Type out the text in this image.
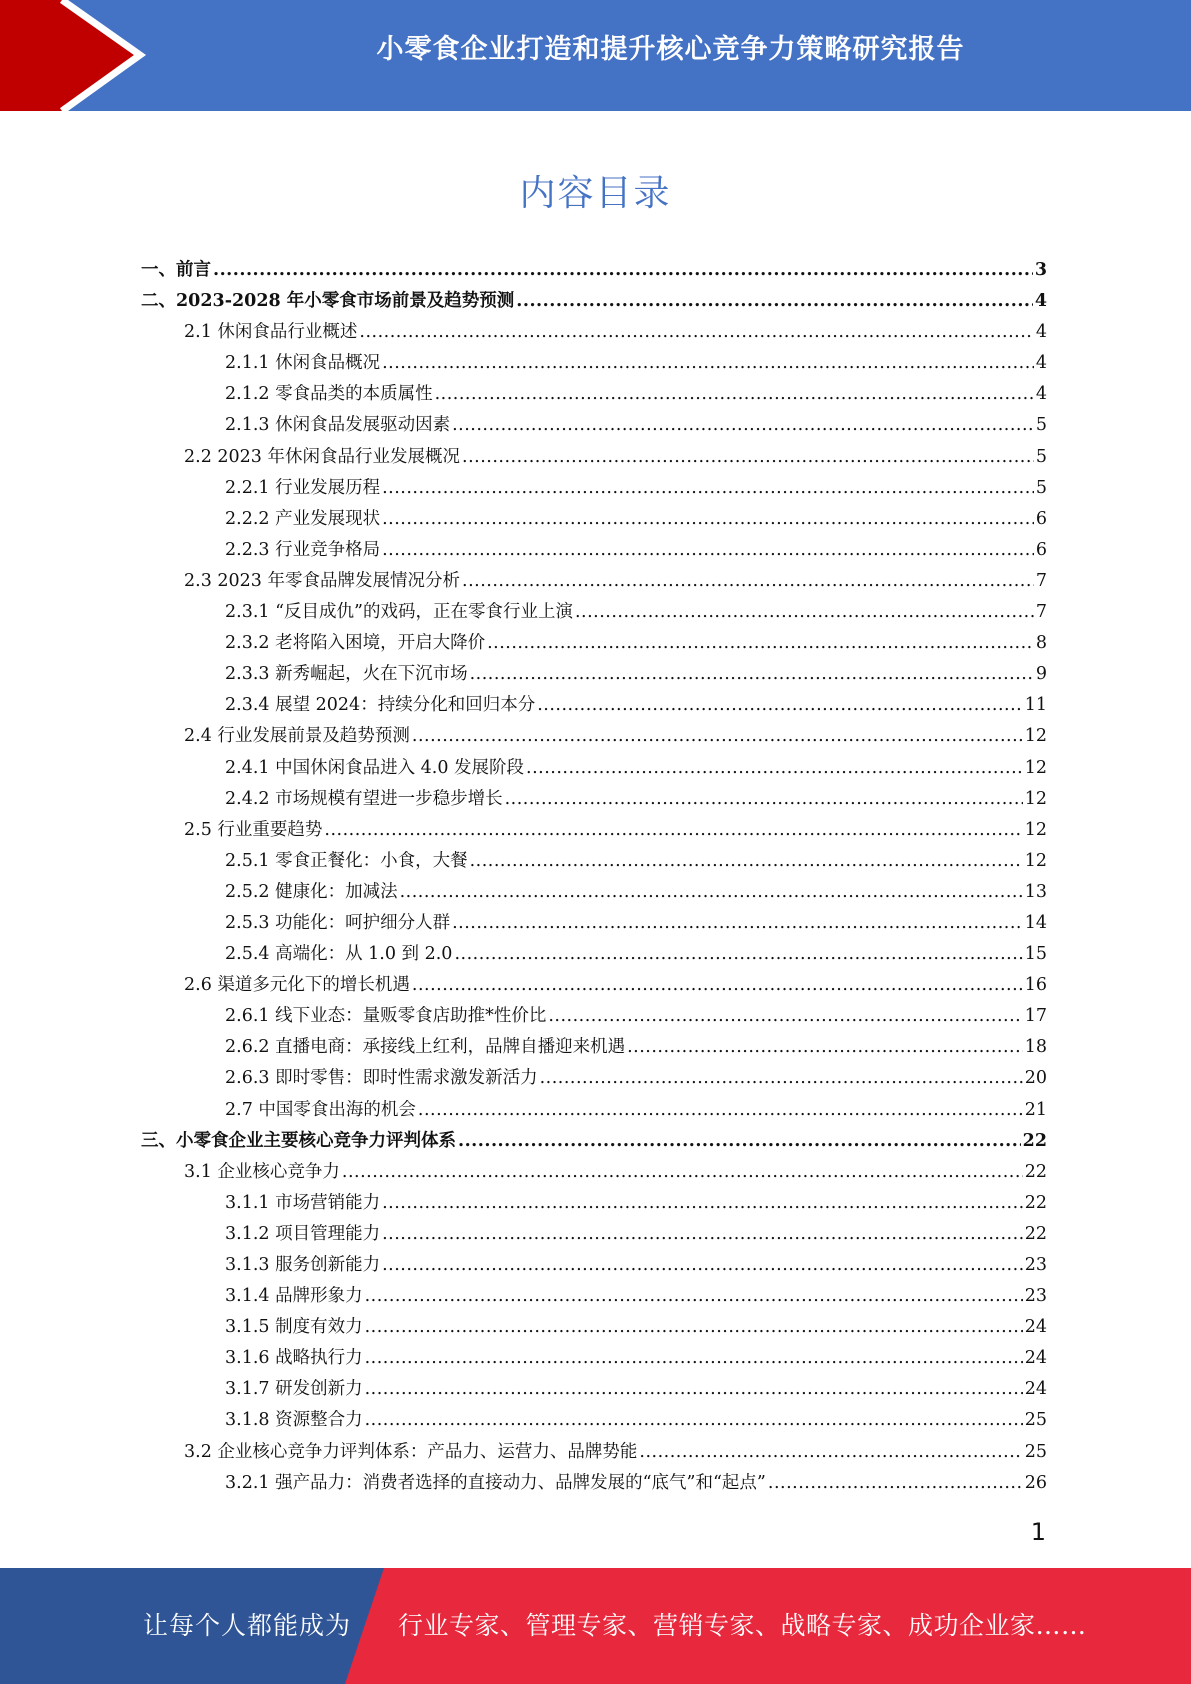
小零食企业打造和提升核心竞争力策略研究报告
内容目录
一、前言 .....	3
二、2023-2028 年小零食市场前景及趋势预测 .....	4
2.1 休闲食品行业概述 .....	4
2.1.1 休闲食品概况 .....	4
2.1.2 零食品类的本质属性 .....	4
2.1.3 休闲食品发展驱动因素 .....	5
2.2 2023 年休闲食品行业发展概况 .....	5
2.2.1 行业发展历程 .....	5
2.2.2 产业发展现状 .....	6
2.2.3 行业竞争格局 .....	6
2.3 2023 年零食品牌发展情况分析 .....	7
2.3.1 “反目成仇”的戏码，正在零食行业上演 .....	7
2.3.2 老将陷入困境，开启大降价 .....	8
2.3.3 新秀崛起，火在下沉市场 .....	9
2.3.4 展望 2024：持续分化和回归本分 .....	11
2.4 行业发展前景及趋势预测 .....	12
2.4.1 中国休闲食品进入 4.0 发展阶段 .....	12
2.4.2 市场规模有望进一步稳步增长 .....	12
2.5 行业重要趋势 .....	12
2.5.1 零食正餐化：小食，大餐 .....	12
2.5.2 健康化：加减法 .....	13
2.5.3 功能化：呵护细分人群 .....	14
2.5.4 高端化：从 1.0 到 2.0 .....	15
2.6 渠道多元化下的增长机遇 .....	16
2.6.1 线下业态：量贩零食店助推*性价比 .....	17
2.6.2 直播电商：承接线上红利，品牌自播迎来机遇 .....	18
2.6.3 即时零售：即时性需求激发新活力 .....	20
2.7 中国零食出海的机会 .....	21
三、小零食企业主要核心竞争力评判体系 .....	22
3.1 企业核心竞争力 .....	22
3.1.1 市场营销能力 .....	22
3.1.2 项目管理能力 .....	22
3.1.3 服务创新能力 .....	23
3.1.4 品牌形象力 .....	23
3.1.5 制度有效力 .....	24
3.1.6 战略执行力 .....	24
3.1.7 研发创新力 .....	24
3.1.8 资源整合力 .....	25
3.2 企业核心竞争力评判体系：产品力、运营力、品牌势能 .....	25
3.2.1 强产品力：消费者选择的直接动力、品牌发展的“底气”和“起点” .....	26
1
让每个人都能成为 行业专家、管理专家、营销专家、战略专家、成功企业家……
